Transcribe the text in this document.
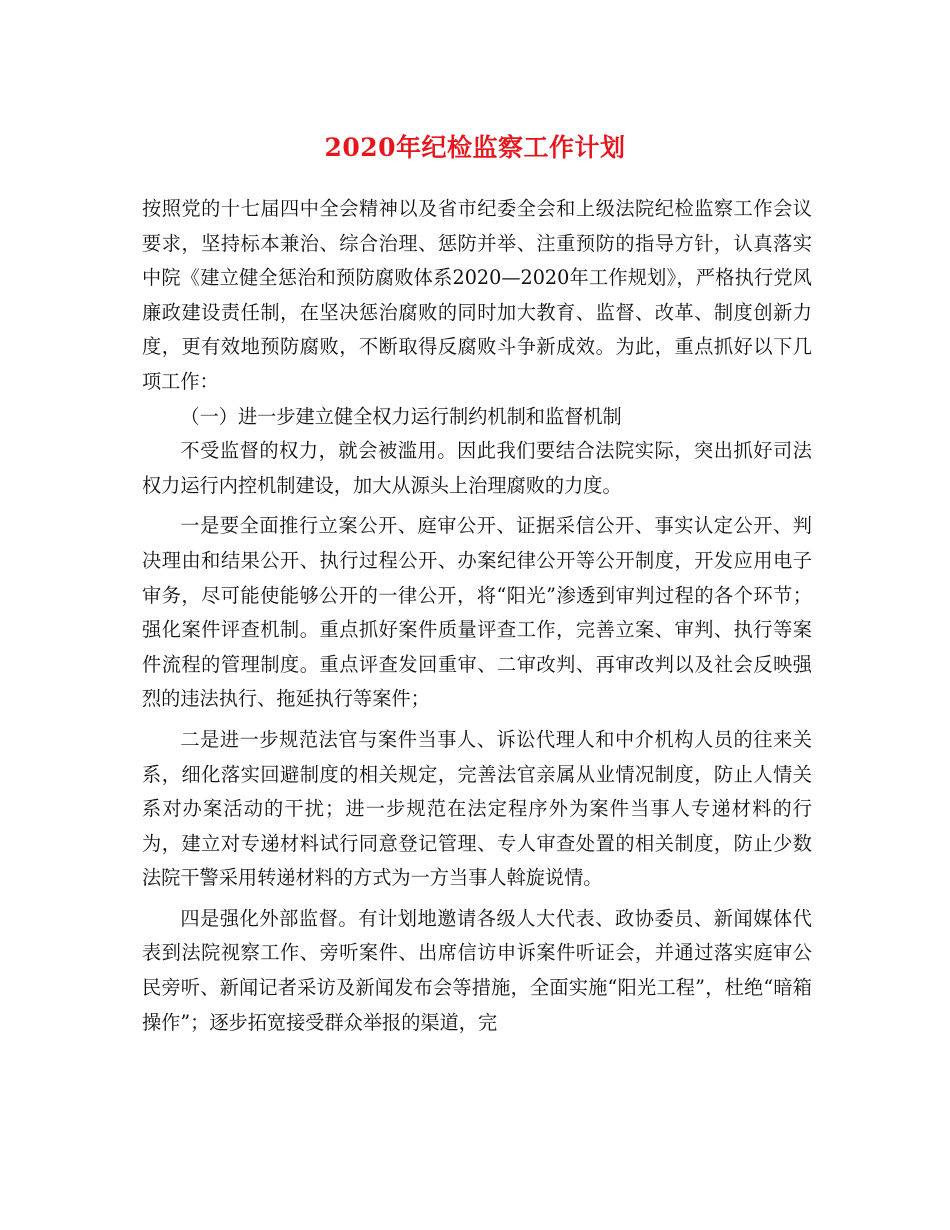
2020年纪检监察工作计划

按照党的十七届四中全会精神以及省市纪委全会和上级法院纪检监察工作会议要求，坚持标本兼治、综合治理、惩防并举、注重预防的指导方针，认真落实中院《建立健全惩治和预防腐败体系2020—2020年工作规划》，严格执行党风廉政建设责任制，在坚决惩治腐败的同时加大教育、监督、改革、制度创新力度，更有效地预防腐败，不断取得反腐败斗争新成效。为此，重点抓好以下几项工作：

（一）进一步建立健全权力运行制约机制和监督机制

不受监督的权力，就会被滥用。因此我们要结合法院实际，突出抓好司法权力运行内控机制建设，加大从源头上治理腐败的力度。

一是要全面推行立案公开、庭审公开、证据采信公开、事实认定公开、判决理由和结果公开、执行过程公开、办案纪律公开等公开制度，开发应用电子审务，尽可能使能够公开的一律公开，将“阳光”渗透到审判过程的各个环节；强化案件评查机制。重点抓好案件质量评查工作，完善立案、审判、执行等案件流程的管理制度。重点评查发回重审、二审改判、再审改判以及社会反映强烈的违法执行、拖延执行等案件；

二是进一步规范法官与案件当事人、诉讼代理人和中介机构人员的往来关系，细化落实回避制度的相关规定，完善法官亲属从业情况制度，防止人情关系对办案活动的干扰；进一步规范在法定程序外为案件当事人专递材料的行为，建立对专递材料试行同意登记管理、专人审查处置的相关制度，防止少数法院干警采用转递材料的方式为一方当事人斡旋说情。

四是强化外部监督。有计划地邀请各级人大代表、政协委员、新闻媒体代表到法院视察工作、旁听案件、出席信访申诉案件听证会，并通过落实庭审公民旁听、新闻记者采访及新闻发布会等措施，全面实施“阳光工程”，杜绝“暗箱操作”；逐步拓宽接受群众举报的渠道，完
